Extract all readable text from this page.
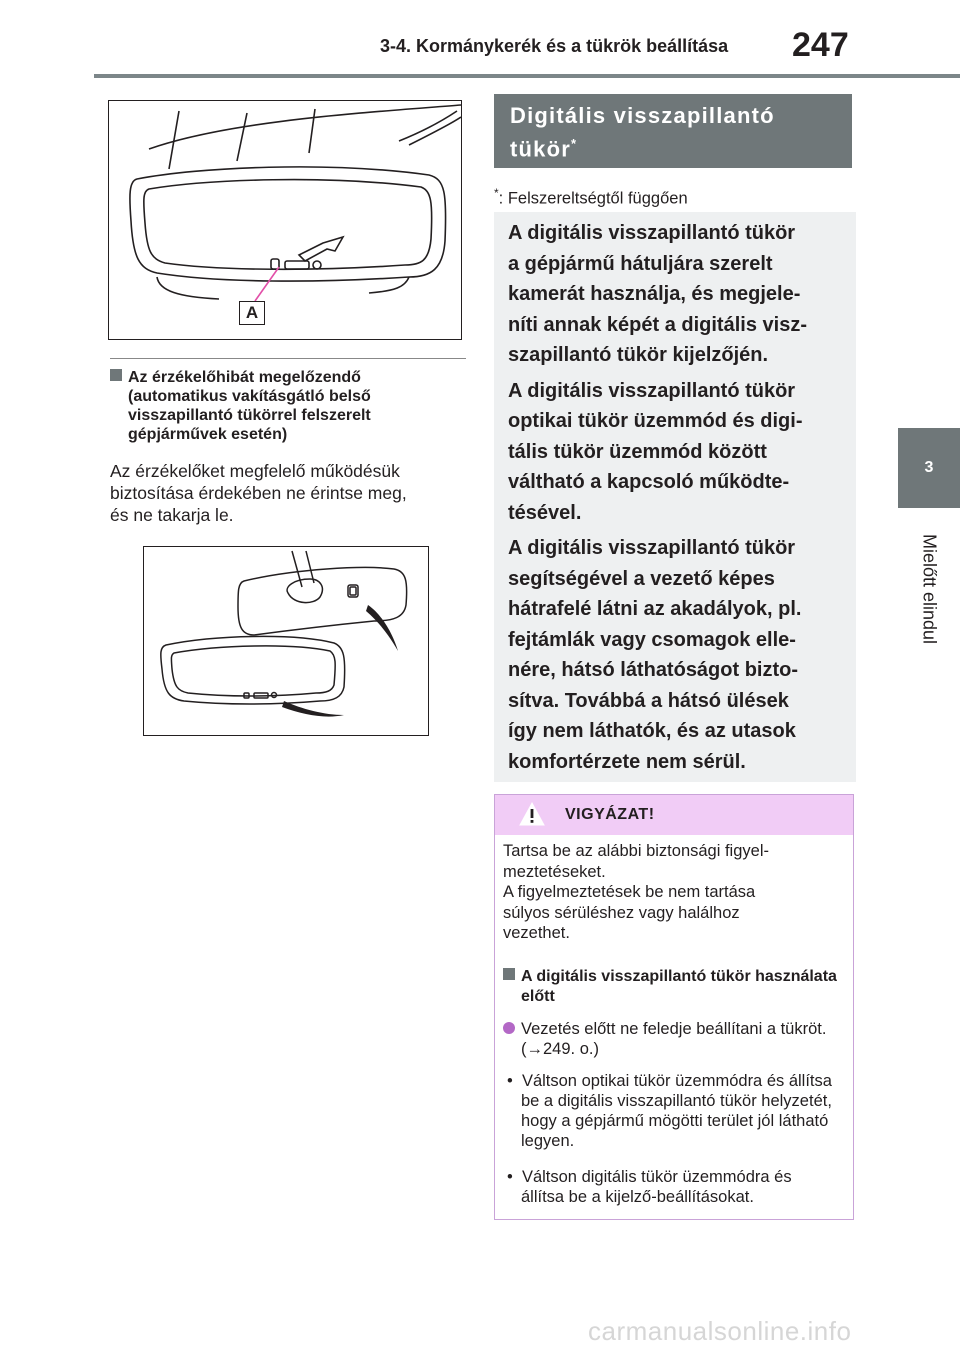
3-4. Kormánykerék és a tükrök beállítása 247
3
Mielőtt elindul
A
Az érzékelőhibát megelőzendő (automatikus vakításgátló belső visszapillantó tükörrel felszerelt gépjárművek esetén)
Az érzékelőket megfelelő működésük
biztosítása érdekében ne érintse meg,
és ne takarja le.
Digitális visszapillantó
tükör*
*: Felszereltségtől függően

A digitális visszapillantó tükör
a gépjármű hátuljára szerelt
kamerát használja, és megjele-
níti annak képét a digitális visz-
szapillantó tükör kijelzőjén.

A digitális visszapillantó tükör
optikai tükör üzemmód és digi-
tális tükör üzemmód között
váltható a kapcsoló működte-
tésével.

A digitális visszapillantó tükör
segítségével a vezető képes
hátrafelé látni az akadályok, pl.
fejtámlák vagy csomagok elle-
nére, hátsó láthatóságot bizto-
sítva. Továbbá a hátsó ülések
így nem láthatók, és az utasok
komfortérzete nem sérül.

VIGYÁZAT!
Tartsa be az alábbi biztonsági figyel-
meztetéseket.
A figyelmeztetések be nem tartása
súlyos sérüléshez vagy halálhoz
vezethet.
A digitális visszapillantó tükör használata előtt
Vezetés előtt ne feledje beállítani a tükröt. (→249. o.)
• Váltson optikai tükör üzemmódra és állítsa be a digitális visszapillantó tükör helyzetét, hogy a gépjármű mögötti terület jól látható legyen.
• Váltson digitális tükör üzemmódra és állítsa be a kijelző-beállításokat.
carmanualsonline.info
